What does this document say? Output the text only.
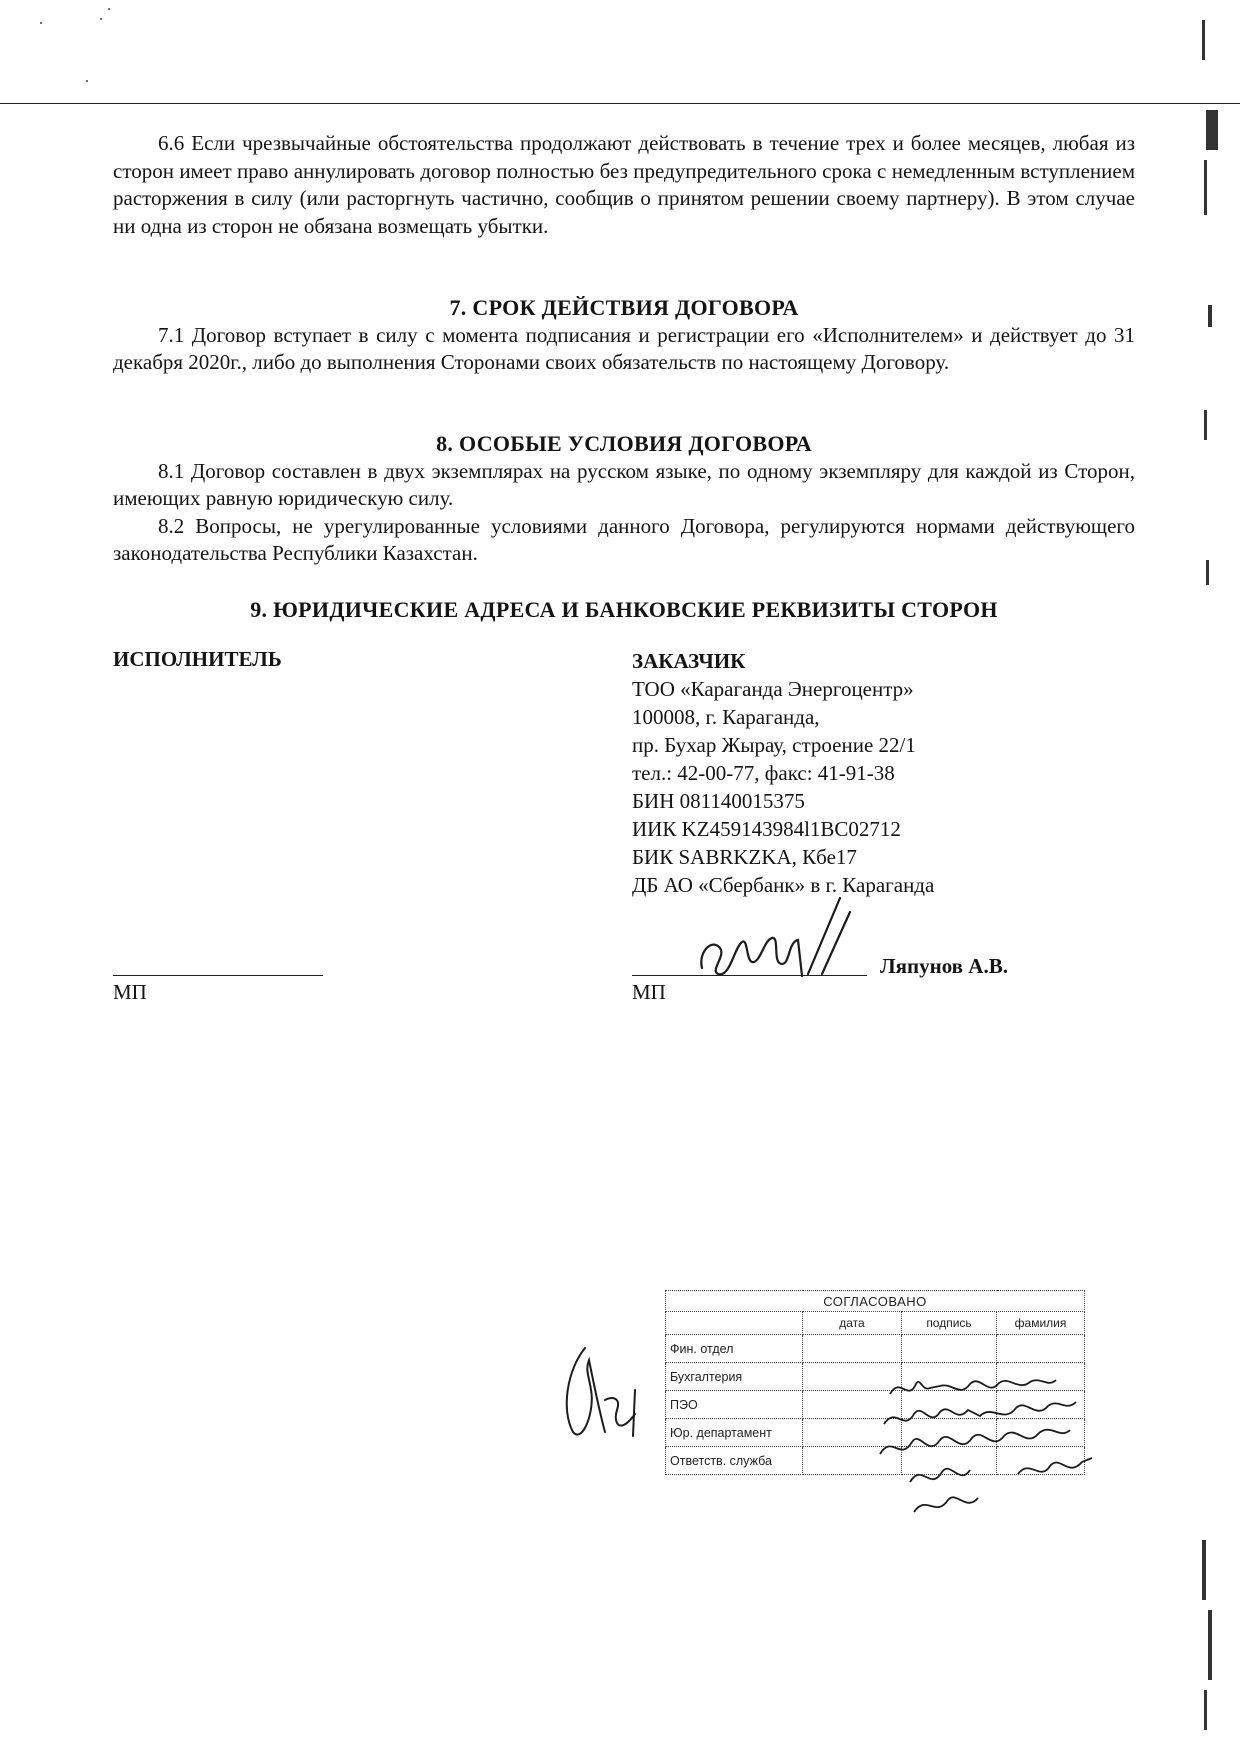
6.6 Если чрезвычайные обстоятельства продолжают действовать в течение трех и более месяцев, любая из сторон имеет право аннулировать договор полностью без предупредительного срока с немедленным вступлением расторжения в силу (или расторгнуть частично, сообщив о принятом решении своему партнеру). В этом случае ни одна из сторон не обязана возмещать убытки.

7. СРОК ДЕЙСТВИЯ ДОГОВОРА

7.1 Договор вступает в силу с момента подписания и регистрации его «Исполнителем» и действует до 31 декабря 2020г., либо до выполнения Сторонами своих обязательств по настоящему Договору.

8. ОСОБЫЕ УСЛОВИЯ ДОГОВОРА

8.1 Договор составлен в двух экземплярах на русском языке, по одному экземпляру для каждой из Сторон, имеющих равную юридическую силу.

8.2 Вопросы, не урегулированные условиями данного Договора, регулируются нормами действующего законодательства Республики Казахстан.

9. ЮРИДИЧЕСКИЕ АДРЕСА И БАНКОВСКИЕ РЕКВИЗИТЫ СТОРОН

ИСПОЛНИТЕЛЬ	ЗАКАЗЧИК
ТОО «Караганда Энергоцентр»
100008, г. Караганда,
пр. Бухар Жырау, строение 22/1
тел.: 42-00-77, факс: 41-91-38
БИН 081140015375
ИИК KZ459143984l1BC02712
БИК SABRKZKA, Кбе17
ДБ АО «Сбербанк» в г. Караганда
МП
Ляпунов А.В.
МП
СОГЛАСОВАНО			
	дата	подпись	фамилия
Фин. отдел			
Бухгалтерия			
ПЭО			
Юр. департамент			
Ответств. служба			
